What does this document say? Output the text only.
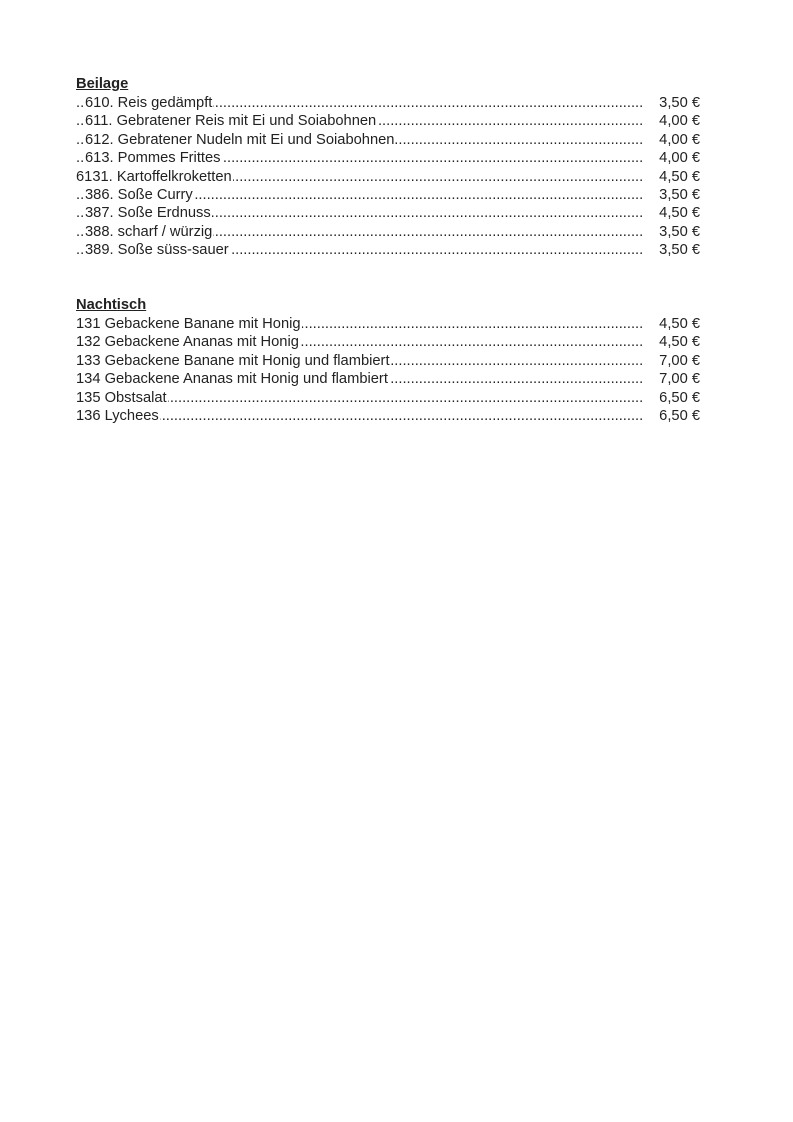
Beilage
610. Reis gedämpft .....	3,50 €
611. Gebratener Reis mit Ei und Soiabohnen .....	4,00 €
612. Gebratener Nudeln mit Ei und Soiabohnen .....	4,00 €
613. Pommes Frittes .....	4,00 €
6131. Kartoffelkroketten .....	4,50 €
386. Soße Curry .....	3,50 €
387. Soße Erdnuss .....	4,50 €
388. scharf / würzig .....	3,50 €
389. Soße süss-sauer .....	3,50 €
Nachtisch
131 Gebackene Banane mit Honig .....	4,50 €
132 Gebackene Ananas mit Honig .....	4,50 €
133 Gebackene Banane mit Honig und flambiert .....	7,00 €
134 Gebackene Ananas mit Honig und flambiert .....	7,00 €
135 Obstsalat .....	6,50 €
136 Lychees .....	6,50 €
